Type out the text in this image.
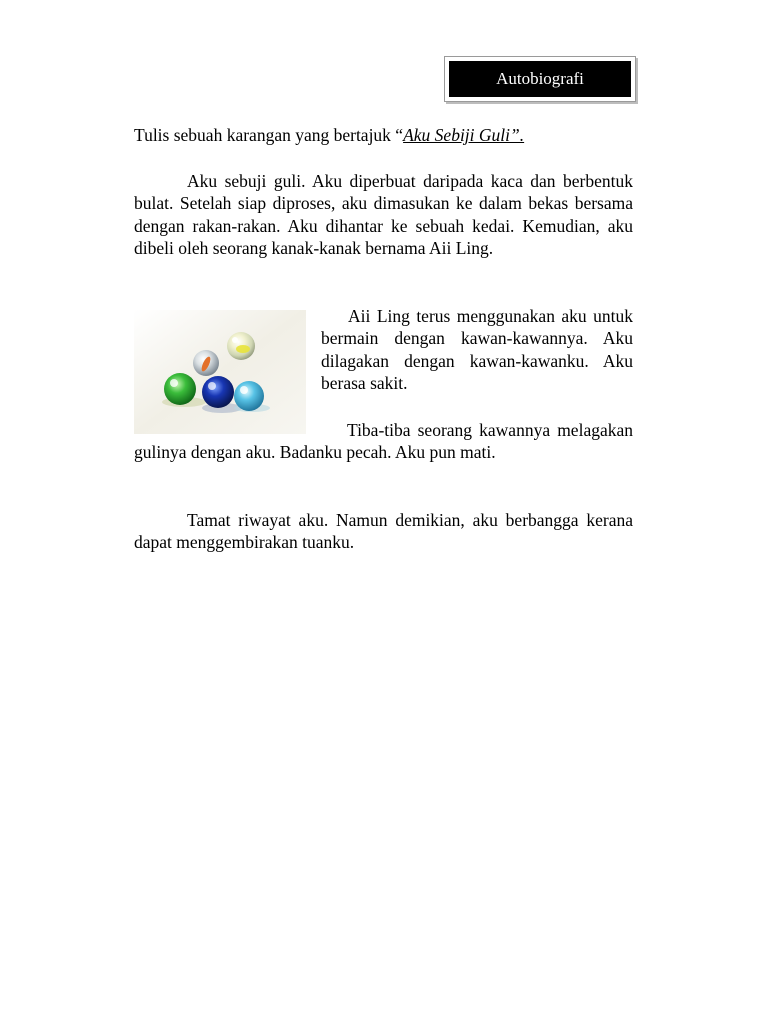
Autobiografi
Tulis sebuah karangan yang bertajuk “Aku Sebiji Guli”.

Aku sebuji guli. Aku diperbuat daripada kaca dan berbentuk bulat. Setelah siap diproses, aku dimasukan ke dalam bekas bersama dengan rakan-rakan. Aku dihantar ke sebuah kedai. Kemudian, aku dibeli oleh seorang kanak-kanak bernama Aii Ling.

Aii Ling terus menggunakan aku untuk bermain dengan kawan-kawannya. Aku dilagakan dengan kawan-kawanku. Aku berasa sakit.

Tiba-tiba seorang kawannya melagakan gulinya dengan aku. Badanku pecah. Aku pun mati.

Tamat riwayat aku. Namun demikian, aku berbangga kerana dapat menggembirakan tuanku.
